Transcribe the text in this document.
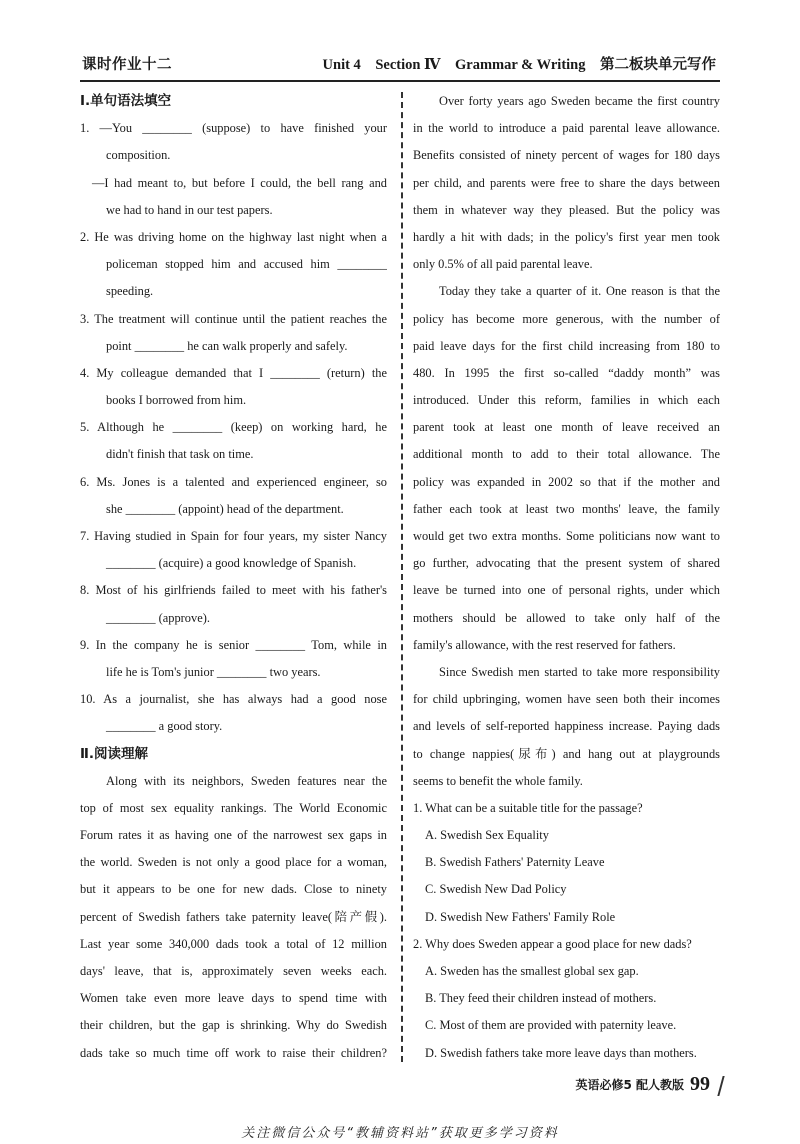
课时作业十二	Unit 4 Section Ⅳ Grammar & Writing 第二板块单元写作
Ⅰ.单句语法填空
1. —You ________ (suppose) to have finished your
composition.
—I had meant to, but before I could, the bell rang and
we had to hand in our test papers.
2. He was driving home on the highway last night when a
policeman stopped him and accused him ________
speeding.
3. The treatment will continue until the patient reaches the
point ________ he can walk properly and safely.
4. My colleague demanded that I ________ (return) the
books I borrowed from him.
5. Although he ________ (keep) on working hard, he
didn't finish that task on time.
6. Ms. Jones is a talented and experienced engineer, so
she ________ (appoint) head of the department.
7. Having studied in Spain for four years, my sister Nancy
________ (acquire) a good knowledge of Spanish.
8. Most of his girlfriends failed to meet with his father's
________ (approve).
9. In the company he is senior ________ Tom, while in
life he is Tom's junior ________ two years.
10. As a journalist, she has always had a good nose
________ a good story.
Ⅱ.阅读理解
Along with its neighbors, Sweden features near the
top of most sex equality rankings. The World Economic
Forum rates it as having one of the narrowest sex gaps in
the world. Sweden is not only a good place for a woman,
but it appears to be one for new dads. Close to ninety
percent of Swedish fathers take paternity leave(陪产假).
Last year some 340,000 dads took a total of 12 million
days' leave, that is, approximately seven weeks each.
Women take even more leave days to spend time with
their children, but the gap is shrinking. Why do Swedish
dads take so much time off work to raise their children?
Over forty years ago Sweden became the first country
in the world to introduce a paid parental leave allowance.
Benefits consisted of ninety percent of wages for 180 days
per child, and parents were free to share the days between
them in whatever way they pleased. But the policy was
hardly a hit with dads; in the policy's first year men took
only 0.5% of all paid parental leave.
Today they take a quarter of it. One reason is that the
policy has become more generous, with the number of
paid leave days for the first child increasing from 180 to
480. In 1995 the first so-called “daddy month” was
introduced. Under this reform, families in which each
parent took at least one month of leave received an
additional month to add to their total allowance. The
policy was expanded in 2002 so that if the mother and
father each took at least two months' leave, the family
would get two extra months. Some politicians now want to
go further, advocating that the present system of shared
leave be turned into one of personal rights, under which
mothers should be allowed to take only half of the
family's allowance, with the rest reserved for fathers.
Since Swedish men started to take more responsibility
for child upbringing, women have seen both their incomes
and levels of self-reported happiness increase. Paying dads
to change nappies(尿布) and hang out at playgrounds
seems to benefit the whole family.
1. What can be a suitable title for the passage?
A. Swedish Sex Equality
B. Swedish Fathers' Paternity Leave
C. Swedish New Dad Policy
D. Swedish New Fathers' Family Role
2. Why does Sweden appear a good place for new dads?
A. Sweden has the smallest global sex gap.
B. They feed their children instead of mothers.
C. Most of them are provided with paternity leave.
D. Swedish fathers take more leave days than mothers.
英语必修5 配人教版 99
关注微信公众号“教辅资料站”获取更多学习资料
